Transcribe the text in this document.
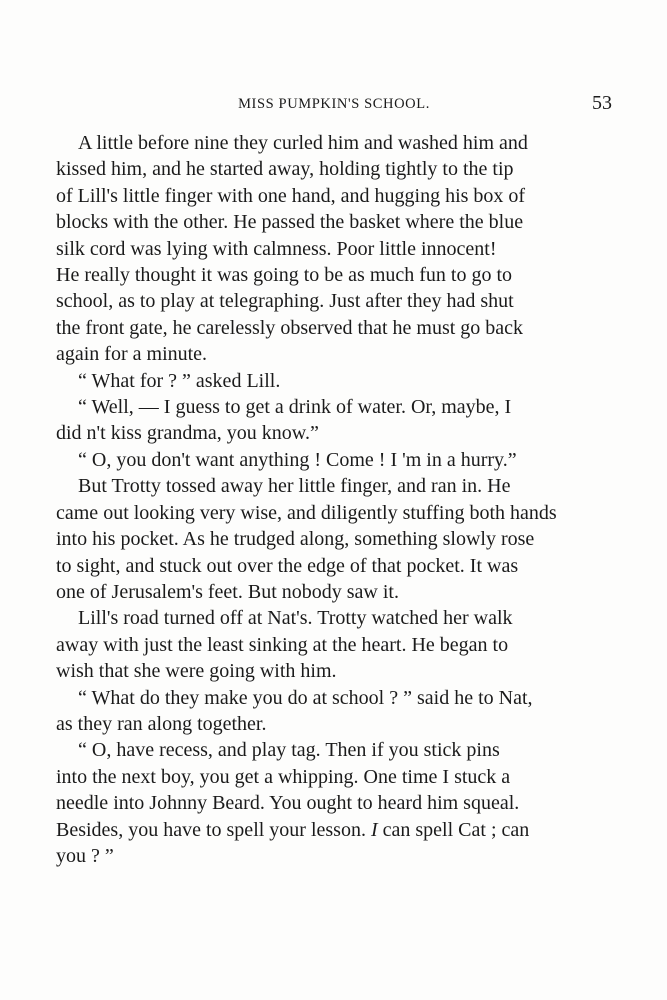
MISS PUMPKIN'S SCHOOL.	53

A little before nine they curled him and washed him and
kissed him, and he started away, holding tightly to the tip
of Lill's little finger with one hand, and hugging his box of
blocks with the other. He passed the basket where the blue
silk cord was lying with calmness. Poor little innocent!
He really thought it was going to be as much fun to go to
school, as to play at telegraphing. Just after they had shut
the front gate, he carelessly observed that he must go back
again for a minute.

“ What for ? ” asked Lill.

“ Well, — I guess to get a drink of water. Or, maybe, I
did n't kiss grandma, you know.”

“ O, you don't want anything ! Come ! I 'm in a hurry.”

But Trotty tossed away her little finger, and ran in. He
came out looking very wise, and diligently stuffing both hands
into his pocket. As he trudged along, something slowly rose
to sight, and stuck out over the edge of that pocket. It was
one of Jerusalem's feet. But nobody saw it.

Lill's road turned off at Nat's. Trotty watched her walk
away with just the least sinking at the heart. He began to
wish that she were going with him.

“ What do they make you do at school ? ” said he to Nat,
as they ran along together.

“ O, have recess, and play tag. Then if you stick pins
into the next boy, you get a whipping. One time I stuck a
needle into Johnny Beard. You ought to heard him squeal.
Besides, you have to spell your lesson. I can spell Cat ; can
you ? ”
